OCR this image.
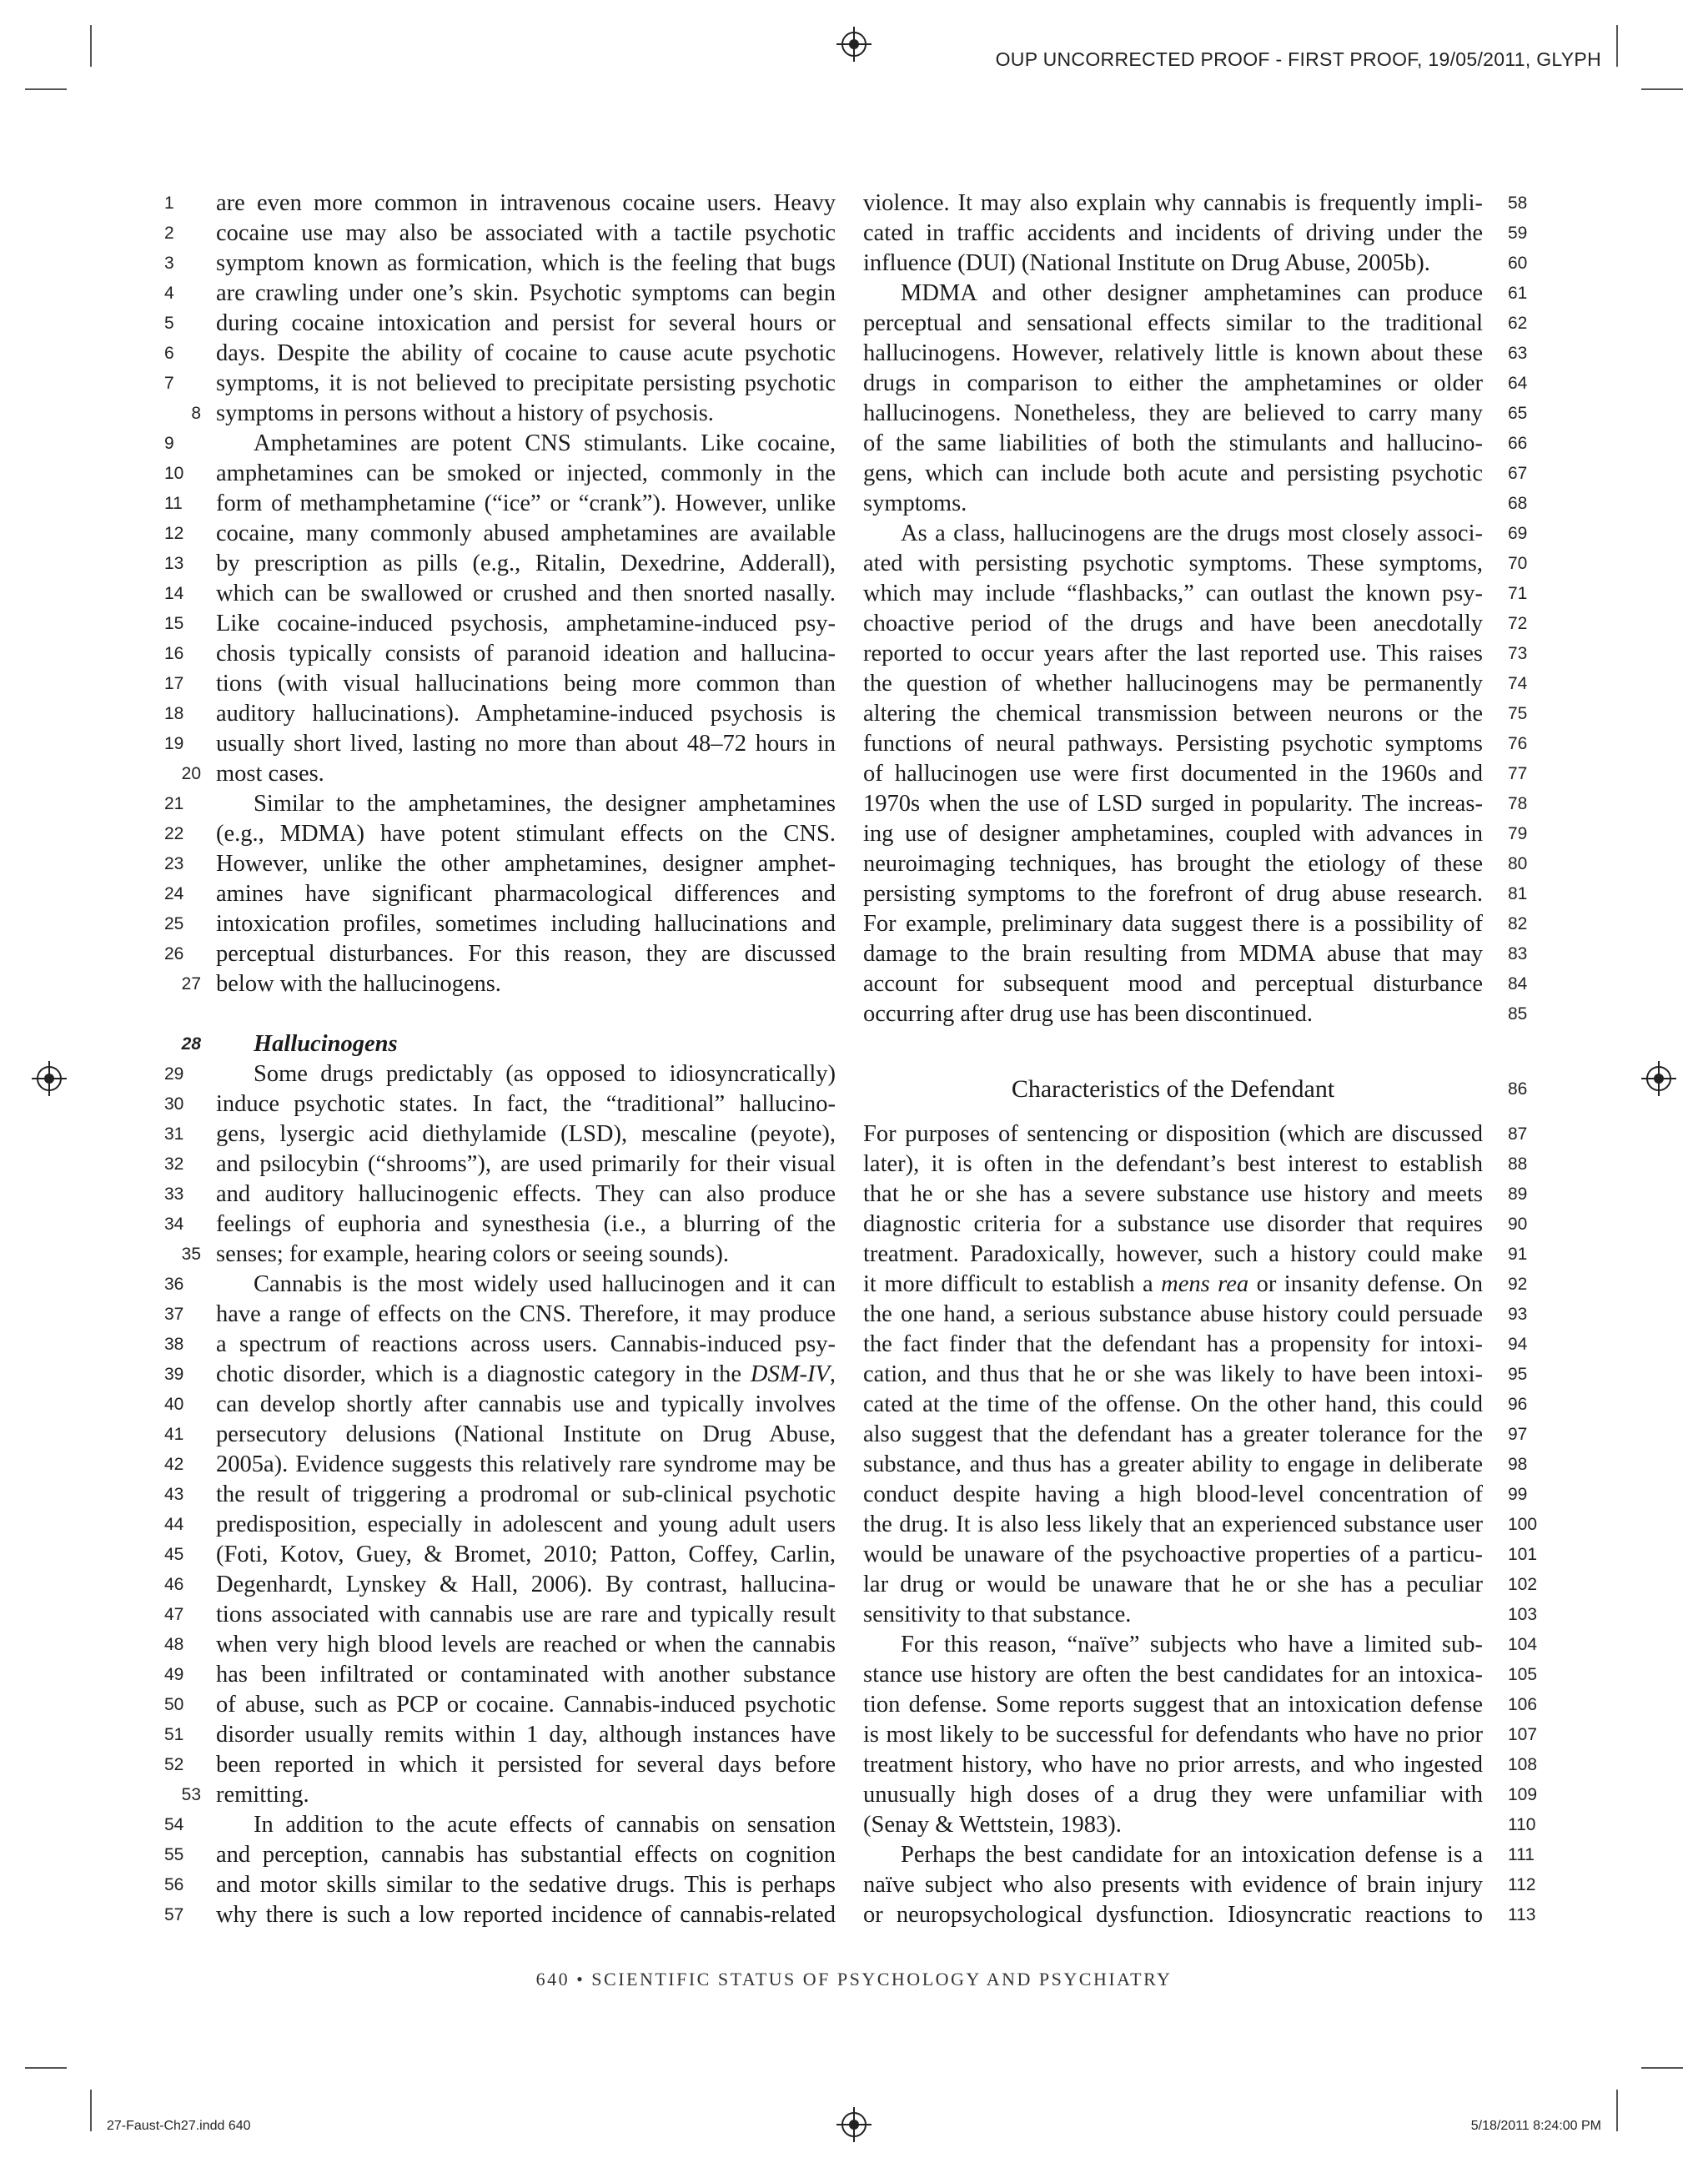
OUP UNCORRECTED PROOF - FIRST PROOF, 19/05/2011, GLYPH
1	are even more common in intravenous cocaine users. Heavy
2	cocaine use may also be associated with a tactile psychotic
3	symptom known as formication, which is the feeling that bugs
4	are crawling under one’s skin. Psychotic symptoms can begin
5	during cocaine intoxication and persist for several hours or
6	days. Despite the ability of cocaine to cause acute psychotic
7	symptoms, it is not believed to precipitate persisting psychotic
8 symptoms in persons without a history of psychosis.
9	Amphetamines are potent CNS stimulants. Like cocaine,
10	amphetamines can be smoked or injected, commonly in the
11	form of methamphetamine (“ice” or “crank”). However, unlike
12	cocaine, many commonly abused amphetamines are available
13	by prescription as pills (e.g., Ritalin, Dexedrine, Adderall),
14	which can be swallowed or crushed and then snorted nasally.
15	Like cocaine-induced psychosis, amphetamine-induced psy-
16	chosis typically consists of paranoid ideation and hallucina-
17	tions (with visual hallucinations being more common than
18	auditory hallucinations). Amphetamine-induced psychosis is
19	usually short lived, lasting no more than about 48–72 hours in
20 most cases.
21	Similar to the amphetamines, the designer amphetamines
22	(e.g., MDMA) have potent stimulant effects on the CNS.
23	However, unlike the other amphetamines, designer amphet-
24	amines have significant pharmacological differences and
25	intoxication profiles, sometimes including hallucinations and
26	perceptual disturbances. For this reason, they are discussed
27 below with the hallucinogens.
28 Hallucinogens
29	Some drugs predictably (as opposed to idiosyncratically)
30	induce psychotic states. In fact, the “traditional” hallucino-
31	gens, lysergic acid diethylamide (LSD), mescaline (peyote),
32	and psilocybin (“shrooms”), are used primarily for their visual
33	and auditory hallucinogenic effects. They can also produce
34	feelings of euphoria and synesthesia (i.e., a blurring of the
35 senses; for example, hearing colors or seeing sounds).
36	Cannabis is the most widely used hallucinogen and it can
37	have a range of effects on the CNS. Therefore, it may produce
38	a spectrum of reactions across users. Cannabis-induced psy-
39	chotic disorder, which is a diagnostic category in the DSM-IV,
40	can develop shortly after cannabis use and typically involves
41	persecutory delusions (National Institute on Drug Abuse,
42	2005a). Evidence suggests this relatively rare syndrome may be
43	the result of triggering a prodromal or sub-clinical psychotic
44	predisposition, especially in adolescent and young adult users
45	(Foti, Kotov, Guey, & Bromet, 2010; Patton, Coffey, Carlin,
46	Degenhardt, Lynskey & Hall, 2006). By contrast, hallucina-
47	tions associated with cannabis use are rare and typically result
48	when very high blood levels are reached or when the cannabis
49	has been infiltrated or contaminated with another substance
50	of abuse, such as PCP or cocaine. Cannabis-induced psychotic
51	disorder usually remits within 1 day, although instances have
52	been reported in which it persisted for several days before
53 remitting.
54	In addition to the acute effects of cannabis on sensation
55	and perception, cannabis has substantial effects on cognition
56	and motor skills similar to the sedative drugs. This is perhaps
57	why there is such a low reported incidence of cannabis-related
58
violence. It may also explain why cannabis is frequently impli-
59
cated in traffic accidents and incidents of driving under the
60
influence (DUI) (National Institute on Drug Abuse, 2005b).
61
MDMA and other designer amphetamines can produce
62
perceptual and sensational effects similar to the traditional
63
hallucinogens. However, relatively little is known about these
64
drugs in comparison to either the amphetamines or older
65
hallucinogens. Nonetheless, they are believed to carry many
66
of the same liabilities of both the stimulants and hallucino-
67
gens, which can include both acute and persisting psychotic
68
symptoms.
69
As a class, hallucinogens are the drugs most closely associ-
70
ated with persisting psychotic symptoms. These symptoms,
71
which may include “flashbacks,” can outlast the known psy-
72
choactive period of the drugs and have been anecdotally
73
reported to occur years after the last reported use. This raises
74
the question of whether hallucinogens may be permanently
75
altering the chemical transmission between neurons or the
76
functions of neural pathways. Persisting psychotic symptoms
77
of hallucinogen use were first documented in the 1960s and
78
1970s when the use of LSD surged in popularity. The increas-
79
ing use of designer amphetamines, coupled with advances in
80
neuroimaging techniques, has brought the etiology of these
81
persisting symptoms to the forefront of drug abuse research.
82
For example, preliminary data suggest there is a possibility of
83
damage to the brain resulting from MDMA abuse that may
84
account for subsequent mood and perceptual disturbance
85
occurring after drug use has been discontinued.
86
Characteristics of the Defendant
87
For purposes of sentencing or disposition (which are discussed
88
later), it is often in the defendant’s best interest to establish
89
that he or she has a severe substance use history and meets
90
diagnostic criteria for a substance use disorder that requires
91
treatment. Paradoxically, however, such a history could make
92
it more difficult to establish a mens rea or insanity defense. On
93
the one hand, a serious substance abuse history could persuade
94
the fact finder that the defendant has a propensity for intoxi-
95
cation, and thus that he or she was likely to have been intoxi-
96
cated at the time of the offense. On the other hand, this could
97
also suggest that the defendant has a greater tolerance for the
98
substance, and thus has a greater ability to engage in deliberate
99
conduct despite having a high blood-level concentration of
100
the drug. It is also less likely that an experienced substance user
101
would be unaware of the psychoactive properties of a particu-
102
lar drug or would be unaware that he or she has a peculiar
103
sensitivity to that substance.
104
For this reason, “naïve” subjects who have a limited sub-
105
stance use history are often the best candidates for an intoxica-
106
tion defense. Some reports suggest that an intoxication defense
107
is most likely to be successful for defendants who have no prior
108
treatment history, who have no prior arrests, and who ingested
109
unusually high doses of a drug they were unfamiliar with
110
(Senay & Wettstein, 1983).
111
Perhaps the best candidate for an intoxication defense is a
112
naïve subject who also presents with evidence of brain injury
113
or neuropsychological dysfunction. Idiosyncratic reactions to
640 • SCIENTIFIC STATUS OF PSYCHOLOGY AND PSYCHIATRY
27-Faust-Ch27.indd 640	5/18/2011 8:24:00 PM
